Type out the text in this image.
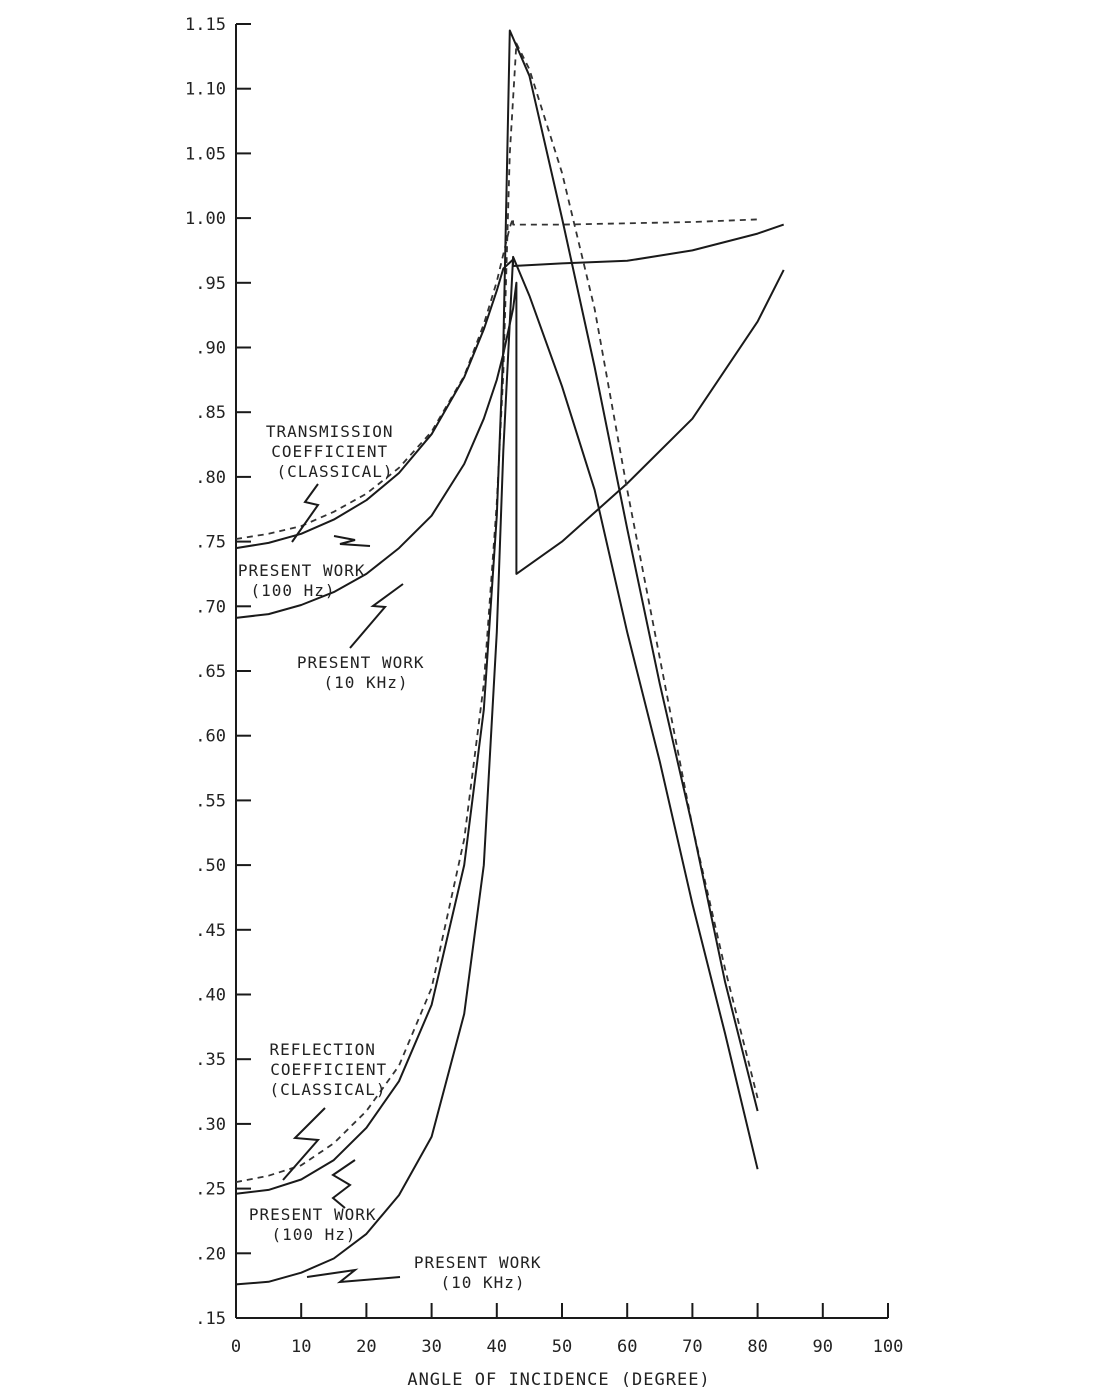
.15
.20
.25
.30
.35
.40
.45
.50
.55
.60
.65
.70
.75
.80
.85
.90
.95
1.00
1.05
1.10
1.15
0	10	20	30	40	50	60	70	80	90 100
TRANSMISSION COEFFICIENT (CLASSICAL)
PRESENT WORK (100 Hz)
PRESENT WORK (10 KHz)
REFLECTION COEFFICIENT (CLASSICAL)
PRESENT WORK (100 Hz)
PRESENT WORK (10 KHz)
ANGLE OF INCIDENCE (DEGREE)
